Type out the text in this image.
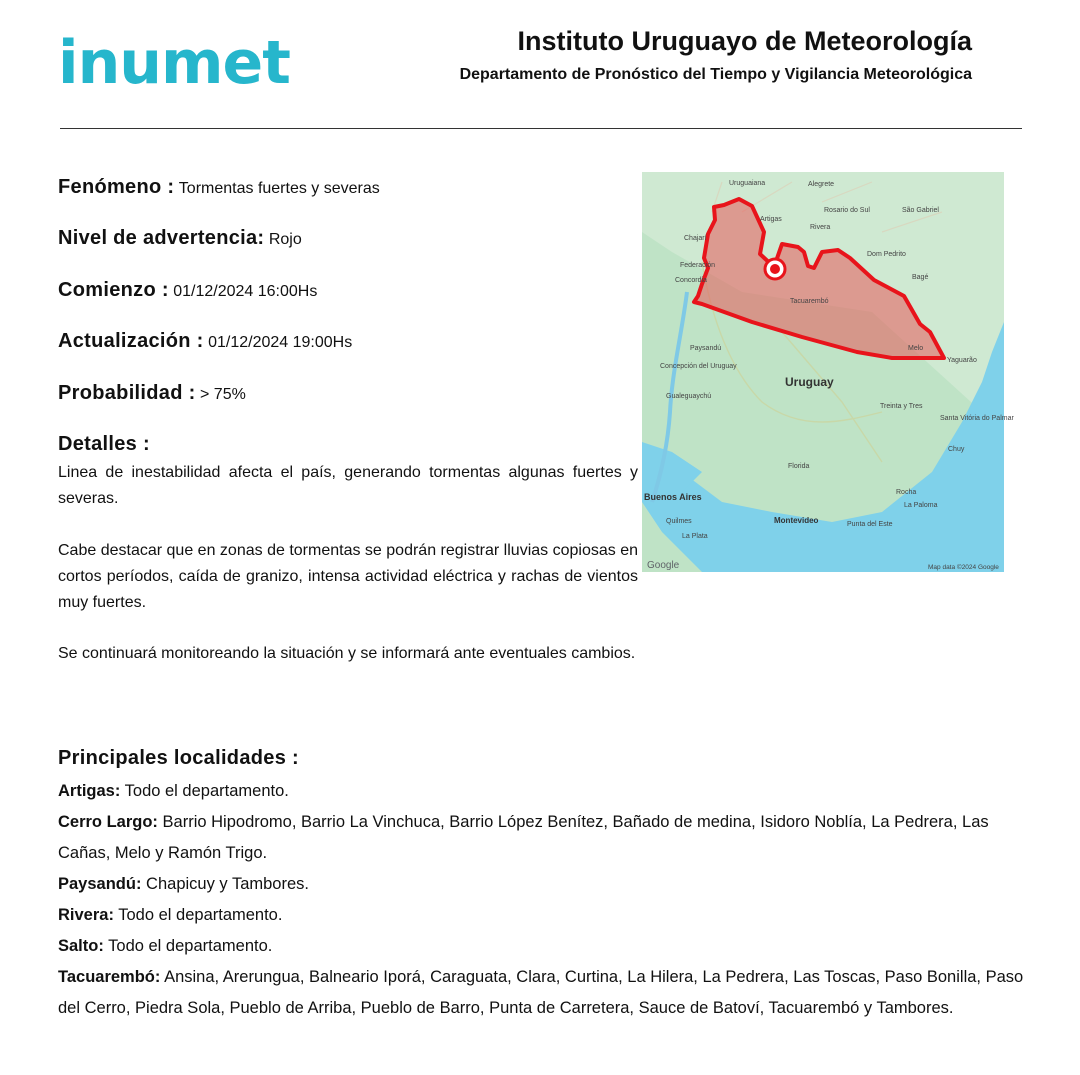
inumet	Instituto Uruguayo de Meteorología
Departamento de Pronóstico del Tiempo y Vigilancia Meteorológica
Fenómeno : Tormentas fuertes y severas
Nivel de advertencia: Rojo
Comienzo : 01/12/2024 16:00Hs
Actualización : 01/12/2024 19:00Hs
Probabilidad : > 75%
Detalles :

Linea de inestabilidad afecta el país, generando tormentas algunas fuertes y severas.

Cabe destacar que en zonas de tormentas se podrán registrar lluvias copiosas en cortos períodos, caída de granizo, intensa actividad eléctrica y rachas de vientos muy fuertes.

Se continuará monitoreando la situación y se informará ante eventuales cambios.

Uruguaiana	Alegrete
Artigas
Rosario do Sul	São Gabriel
Chajarí
Rivera
Dom Pedrito
Federación
Bagé
Concordia
Tacuarembó
Paysandú	Melo
Yaguarão
Concepción del Uruguay
Gualeguaychú
Treinta y Tres
Santa Vitória do Palmar
Chuy
Florida
Buenos Aires	Rocha
La Paloma
Quilmes	Montevideo	Punta del Este
La Plata
Uruguay
Google	Map data ©2024 Google
Principales localidades :

Artigas: Todo el departamento.

Cerro Largo: Barrio Hipodromo, Barrio La Vinchuca, Barrio López Benítez, Bañado de medina, Isidoro Noblía, La Pedrera, Las Cañas, Melo y Ramón Trigo.

Paysandú: Chapicuy y Tambores.

Rivera: Todo el departamento.

Salto: Todo el departamento.

Tacuarembó: Ansina, Arerungua, Balneario Iporá, Caraguata, Clara, Curtina, La Hilera, La Pedrera, Las Toscas, Paso Bonilla, Paso del Cerro, Piedra Sola, Pueblo de Arriba, Pueblo de Barro, Punta de Carretera, Sauce de Batoví, Tacuarembó y Tambores.
